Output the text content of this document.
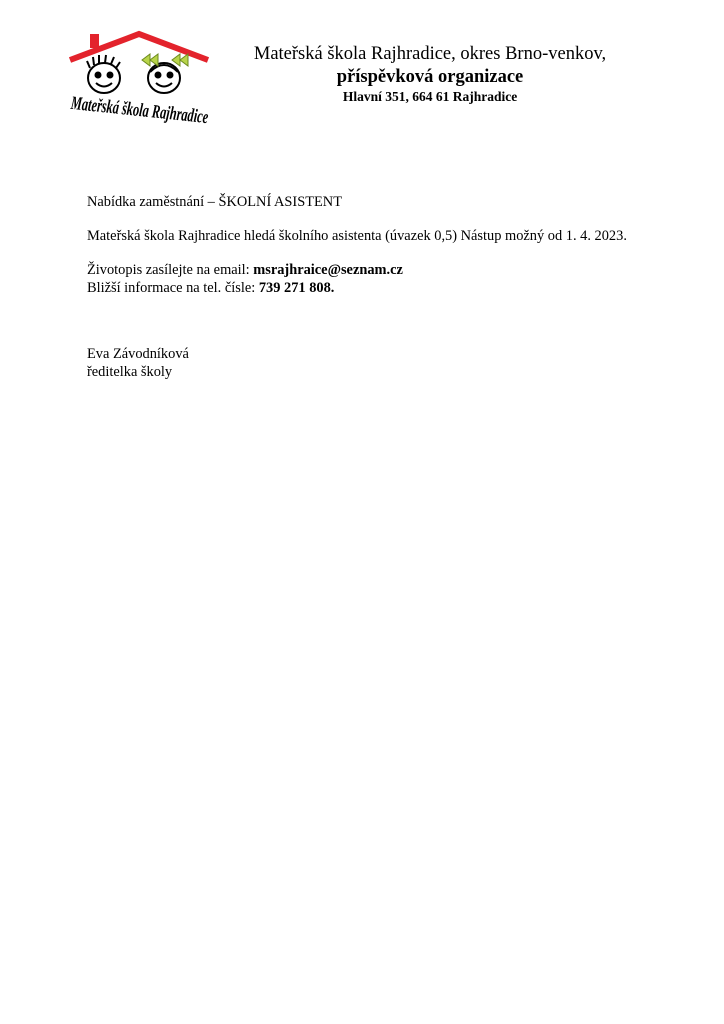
Mateřská škola Rajhradice
Mateřská škola Rajhradice, okres Brno-venkov,
příspěvková organizace
Hlavní 351, 664 61 Rajhradice
Nabídka zaměstnání – ŠKOLNÍ ASISTENT
Mateřská škola Rajhradice hledá školního asistenta (úvazek 0,5) Nástup možný od 1. 4. 2023.
Životopis zasílejte na email: msrajhraice@seznam.cz
Bližší informace na tel. čísle: 739 271 808.
Eva Závodníková
ředitelka školy
